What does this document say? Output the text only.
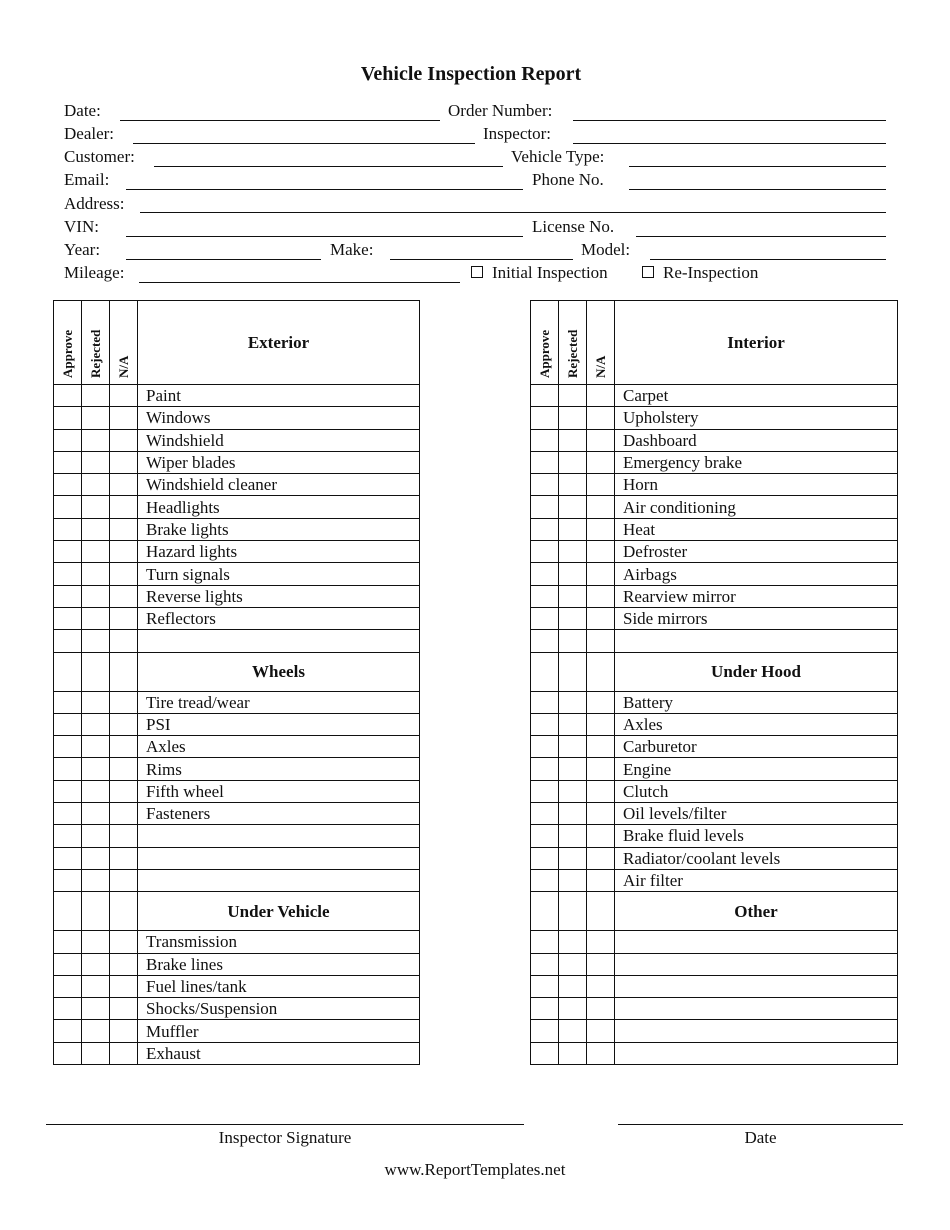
Vehicle Inspection Report
Date:	Order Number:
Dealer:	Inspector:
Customer:	Vehicle Type:
Email:	Phone No.
Address:
VIN:	License No.
Year:	Make:	Model:
Mileage:	Initial Inspection	Re-Inspection
Approve	Rejected	N/A	Exterior
			Paint
			Windows
			Windshield
			Wiper blades
			Windshield cleaner
			Headlights
			Brake lights
			Hazard lights
			Turn signals
			Reverse lights
			Reflectors

			Wheels
			Tire tread/wear
			PSI
			Axles
			Rims
			Fifth wheel
			Fasteners

			Under Vehicle
			Transmission
			Brake lines
			Fuel lines/tank
			Shocks/Suspension
			Muffler
			Exhaust
Approve	Rejected	N/A	Interior
			Carpet
			Upholstery
			Dashboard
			Emergency brake
			Horn
			Air conditioning
			Heat
			Defroster
			Airbags
			Rearview mirror
			Side mirrors

			Under Hood
			Battery
			Axles
			Carburetor
			Engine
			Clutch
			Oil levels/filter
			Brake fluid levels
			Radiator/coolant levels
			Air filter
			Other

Inspector Signature	Date
www.ReportTemplates.net
